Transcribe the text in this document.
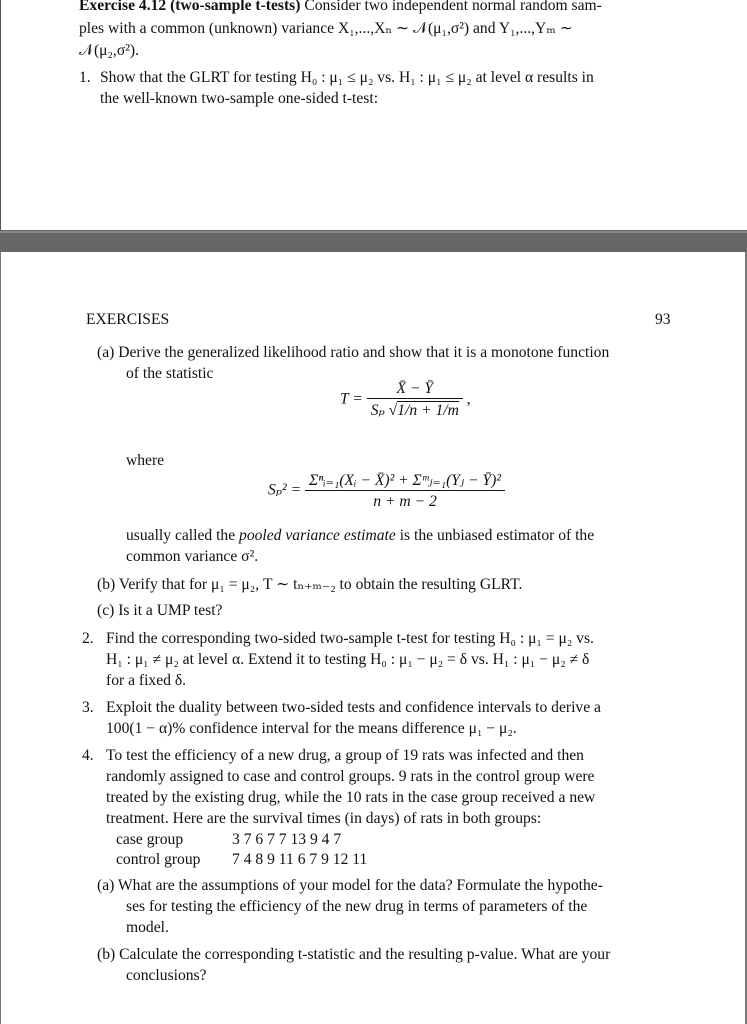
Exercise 4.12 (two-sample t-tests) Consider two independent normal random sam-
ples with a common (unknown) variance X₁,...,Xₙ ∼ 𝒩(μ₁,σ²) and Y₁,...,Yₘ ∼
𝒩(μ₂,σ²).
1. Show that the GLRT for testing H₀ : μ₁ ≤ μ₂ vs. H₁ : μ₁ ≤ μ₂ at level α results in
the well-known two-sample one-sided t-test:
EXERCISES	93
(a) Derive the generalized likelihood ratio and show that it is a monotone function
of the statistic
$T = \frac{X̄ - Ȳ}{\text{Sₚ √1/n + 1/m}}$ ,
where
$S_p^2 = \frac{\text{Σⁿᵢ₌₁(Xᵢ − X̄)² + Σᵐⱼ₌₁(Yⱼ − Ȳ)²}}{n + m - 2}$
usually called the pooled variance estimate is the unbiased estimator of the
common variance σ².
(b) Verify that for μ₁ = μ₂, T ∼ tₙ₊ₘ₋₂ to obtain the resulting GLRT.
(c) Is it a UMP test?
2. Find the corresponding two-sided two-sample t-test for testing H₀ : μ₁ = μ₂ vs.
H₁ : μ₁ ≠ μ₂ at level α. Extend it to testing H₀ : μ₁ − μ₂ = δ vs. H₁ : μ₁ − μ₂ ≠ δ
for a fixed δ.
3. Exploit the duality between two-sided tests and confidence intervals to derive a
100(1 − α)% confidence interval for the means difference μ₁ − μ₂.
4. To test the efficiency of a new drug, a group of 19 rats was infected and then
randomly assigned to case and control groups. 9 rats in the control group were
treated by the existing drug, while the 10 rats in the case group received a new
treatment. Here are the survival times (in days) of rats in both groups:
case group	3 7 6 7 7 13 9 4 7
control group 7 4 8 9 11 6 7 9 12 11
(a) What are the assumptions of your model for the data? Formulate the hypothe-
ses for testing the efficiency of the new drug in terms of parameters of the
model.
(b) Calculate the corresponding t-statistic and the resulting p-value. What are your
conclusions?
